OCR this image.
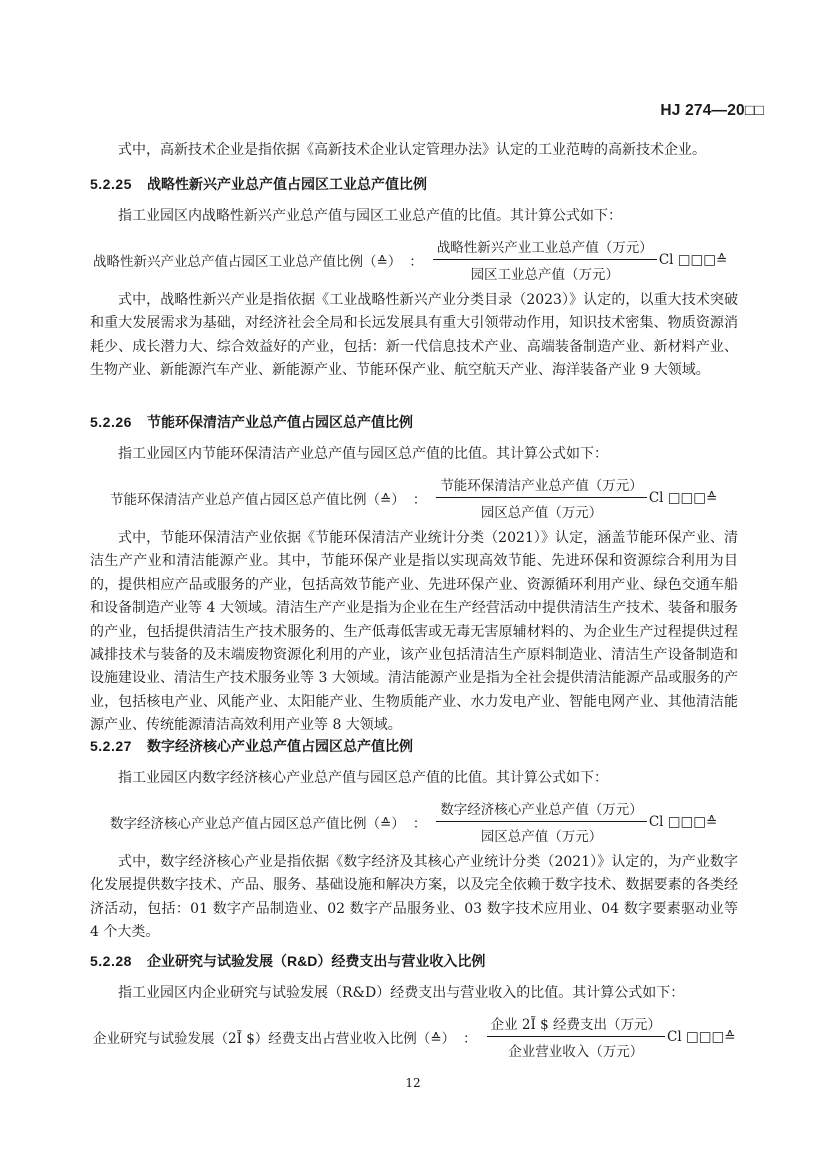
HJ 274—20□□

式中，高新技术企业是指依据《高新技术企业认定管理办法》认定的工业范畴的高新技术企业。

5.2.25 战略性新兴产业总产值占园区工业总产值比例

指工业园区内战略性新兴产业总产值与园区工业总产值的比值。其计算公式如下：

战略性新兴产业总产值占园区工业总产值比例（≙） ： $\frac{\text{战略性新兴产业工业总产值（万元）}}{\text{园区工业总产值（万元）}}$ Cl □□□≙

式中，战略性新兴产业是指依据《工业战略性新兴产业分类目录（2023）》认定的，以重大技术突破和重大发展需求为基础，对经济社会全局和长远发展具有重大引领带动作用，知识技术密集、物质资源消耗少、成长潜力大、综合效益好的产业，包括：新一代信息技术产业、高端装备制造产业、新材料产业、生物产业、新能源汽车产业、新能源产业、节能环保产业、航空航天产业、海洋装备产业 9 大领域。

5.2.26 节能环保清洁产业总产值占园区总产值比例

指工业园区内节能环保清洁产业总产值与园区总产值的比值。其计算公式如下：

节能环保清洁产业总产值占园区总产值比例（≙） ： $\frac{\text{节能环保清洁产业总产值（万元）}}{\text{园区总产值（万元）}}$ Cl □□□≙

式中，节能环保清洁产业依据《节能环保清洁产业统计分类（2021）》认定，涵盖节能环保产业、清洁生产产业和清洁能源产业。其中，节能环保产业是指以实现高效节能、先进环保和资源综合利用为目的，提供相应产品或服务的产业，包括高效节能产业、先进环保产业、资源循环利用产业、绿色交通车船和设备制造产业等 4 大领域。清洁生产产业是指为企业在生产经营活动中提供清洁生产技术、装备和服务的产业，包括提供清洁生产技术服务的、生产低毒低害或无毒无害原辅材料的、为企业生产过程提供过程减排技术与装备的及末端废物资源化利用的产业，该产业包括清洁生产原料制造业、清洁生产设备制造和设施建设业、清洁生产技术服务业等 3 大领域。清洁能源产业是指为全社会提供清洁能源产品或服务的产业，包括核电产业、风能产业、太阳能产业、生物质能产业、水力发电产业、智能电网产业、其他清洁能源产业、传统能源清洁高效利用产业等 8 大领域。

5.2.27 数字经济核心产业总产值占园区总产值比例

指工业园区内数字经济核心产业总产值与园区总产值的比值。其计算公式如下：

数字经济核心产业总产值占园区总产值比例（≙） ： $\frac{\text{数字经济核心产业总产值（万元）}}{\text{园区总产值（万元）}}$ Cl □□□≙

式中，数字经济核心产业是指依据《数字经济及其核心产业统计分类（2021）》认定的，为产业数字化发展提供数字技术、产品、服务、基础设施和解决方案，以及完全依赖于数字技术、数据要素的各类经济活动，包括：01 数字产品制造业、02 数字产品服务业、03 数字技术应用业、04 数字要素驱动业等 4 个大类。

5.2.28 企业研究与试验发展（R&D）经费支出与营业收入比例

指工业园区内企业研究与试验发展（R&D）经费支出与营业收入的比值。其计算公式如下：

企业研究与试验发展（2Ĩ $）经费支出占营业收入比例（≙） ： $\frac{\text{企业 2Ĩ \$ 经费支出（万元）}}{\text{企业营业收入（万元）}}$ Cl □□□≙
12
